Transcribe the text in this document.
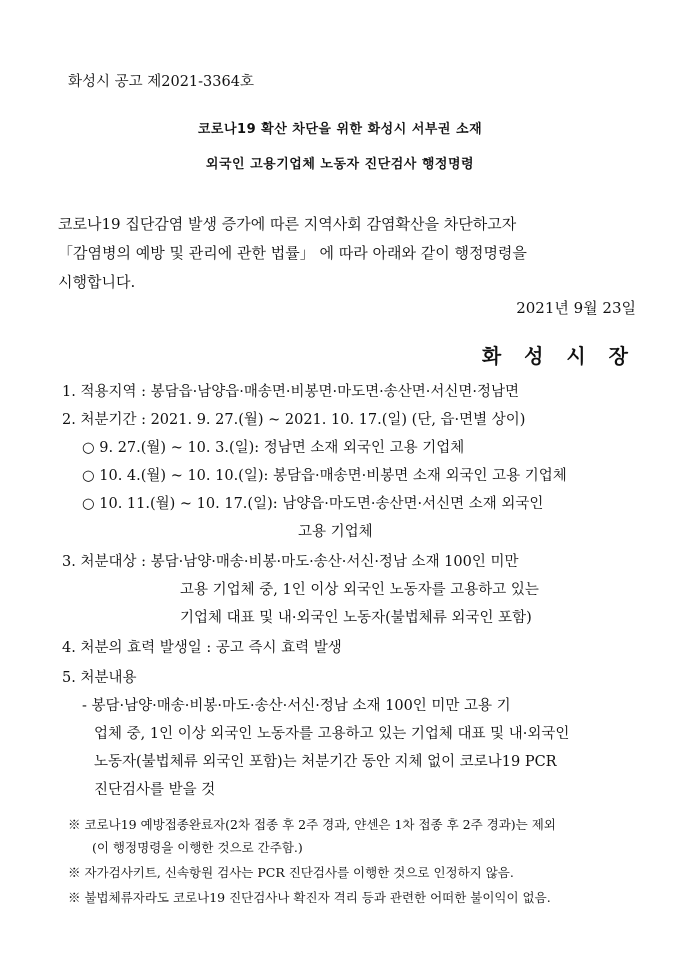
화성시 공고 제2021-3364호
코로나19 확산 차단을 위한 화성시 서부권 소재
외국인 고용기업체 노동자 진단검사 행정명령
코로나19 집단감염 발생 증가에 따른 지역사회 감염확산을 차단하고자
「감염병의 예방 및 관리에 관한 법률」 에 따라 아래와 같이 행정명령을
시행합니다.
2021년 9월 23일
화 성 시 장
1. 적용지역 : 봉담읍·남양읍·매송면·비봉면·마도면·송산면·서신면·정남면
2. 처분기간 : 2021. 9. 27.(월) ~ 2021. 10. 17.(일) (단, 읍·면별 상이)
○ 9. 27.(월) ~ 10. 3.(일): 정남면 소재 외국인 고용 기업체
○ 10. 4.(월) ~ 10. 10.(일): 봉담읍·매송면·비봉면 소재 외국인 고용 기업체
○ 10. 11.(월) ~ 10. 17.(일): 남양읍·마도면·송산면·서신면 소재 외국인
고용 기업체
3. 처분대상 : 봉담·남양·매송·비봉·마도·송산·서신·정남 소재 100인 미만
고용 기업체 중, 1인 이상 외국인 노동자를 고용하고 있는
기업체 대표 및 내·외국인 노동자(불법체류 외국인 포함)
4. 처분의 효력 발생일 : 공고 즉시 효력 발생
5. 처분내용
- 봉담·남양·매송·비봉·마도·송산·서신·정남 소재 100인 미만 고용 기
업체 중, 1인 이상 외국인 노동자를 고용하고 있는 기업체 대표 및 내·외국인
노동자(불법체류 외국인 포함)는 처분기간 동안 지체 없이 코로나19 PCR
진단검사를 받을 것
※ 코로나19 예방접종완료자(2차 접종 후 2주 경과, 얀센은 1차 접종 후 2주 경과)는 제외
(이 행정명령을 이행한 것으로 간주함.)
※ 자가검사키트, 신속항원 검사는 PCR 진단검사를 이행한 것으로 인정하지 않음.
※ 불법체류자라도 코로나19 진단검사나 확진자 격리 등과 관련한 어떠한 불이익이 없음.
